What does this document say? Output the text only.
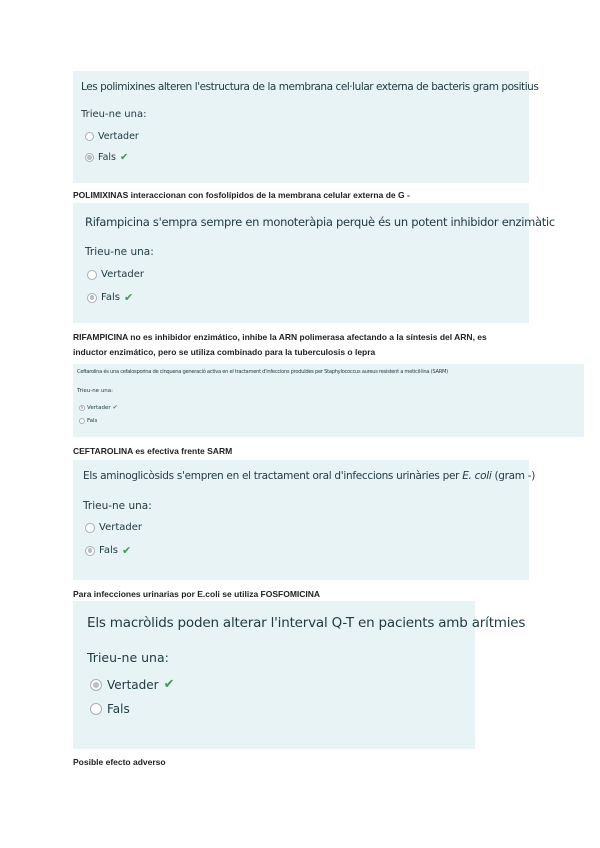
Les polimixines alteren l'estructura de la membrana cel·lular externa de bacteris gram positius
Trieu-ne una:
Vertader
Fals ✔
POLIMIXINAS interaccionan con fosfolípidos de la membrana celular externa de G -
Rifampicina s'empra sempre en monoteràpia perquè és un potent inhibidor enzimàtic
Trieu-ne una:
Vertader
Fals ✔
RIFAMPICINA no es inhibidor enzimático, inhibe la ARN polimerasa afectando a la síntesis del ARN, es
inductor enzimático, pero se utiliza combinado para la tuberculosis o lepra
Ceftarolina és una cefalosporina de cinquena generació activa en el tractament d'infeccions produïdes per Staphylococcus aureus resistent a meticil·lina (SARM)
Trieu-ne una:
Vertader ✔
Fals
CEFTAROLINA es efectiva frente SARM
Els aminoglicòsids s'empren en el tractament oral d'infeccions urinàries per E. coli (gram -)
Trieu-ne una:
Vertader
Fals ✔
Para infecciones urinarias por E.coli se utiliza FOSFOMICINA
Els macròlids poden alterar l'interval Q-T en pacients amb arítmies
Trieu-ne una:
Vertader ✔
Fals
Posible efecto adverso
